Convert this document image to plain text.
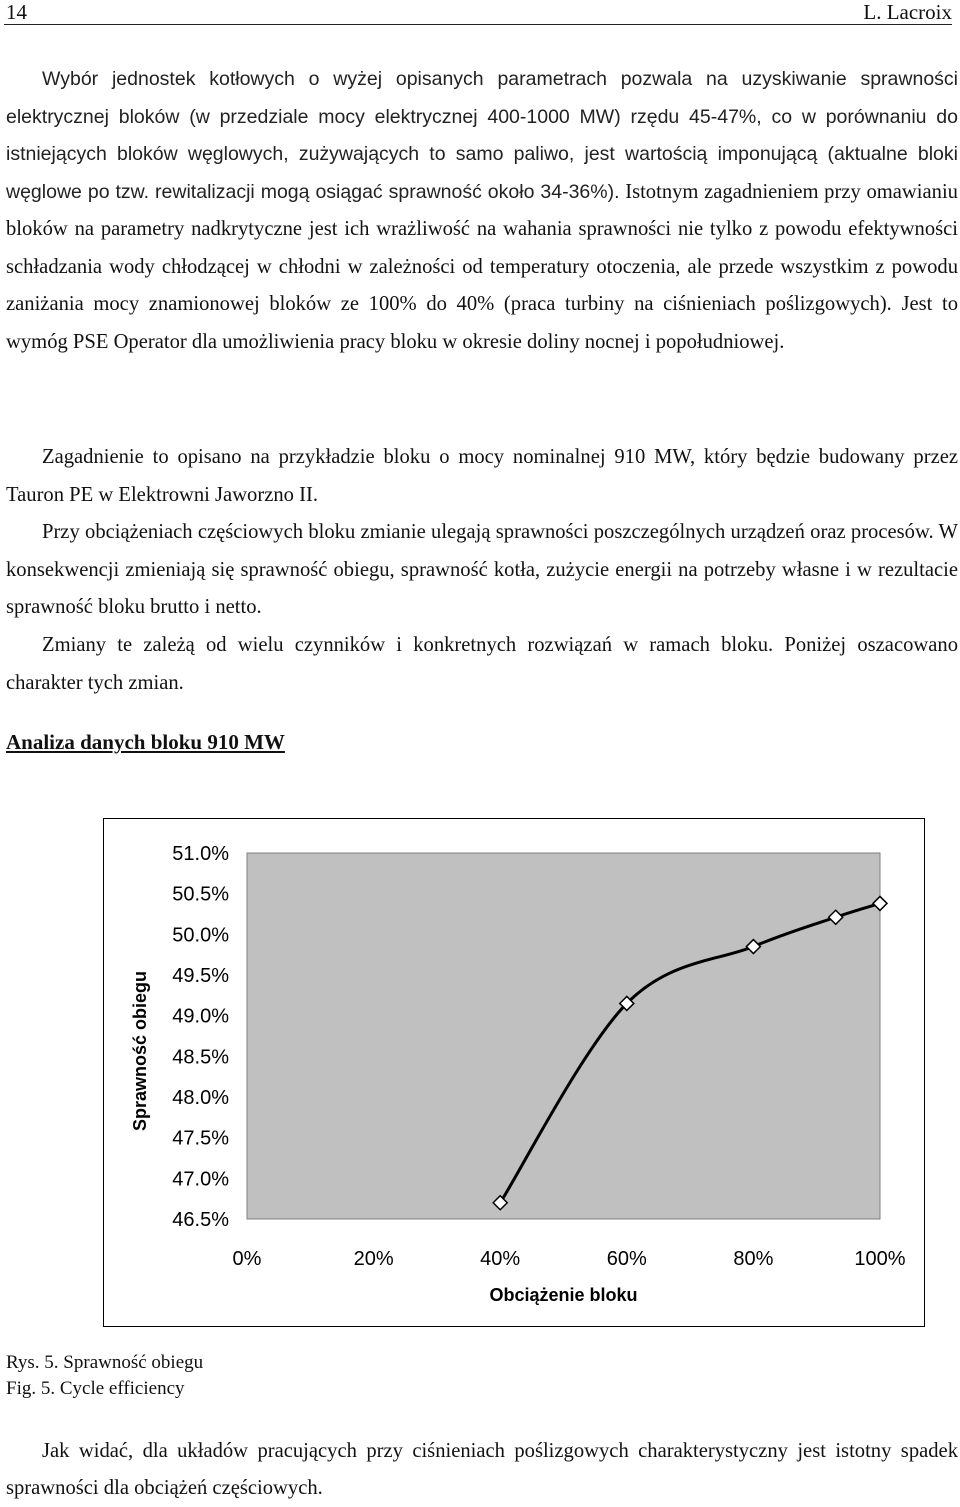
14	L. Lacroix

Wybór jednostek kotłowych o wyżej opisanych parametrach pozwala na uzyskiwanie sprawności elektrycznej bloków (w przedziale mocy elektrycznej 400-1000 MW) rzędu 45-47%, co w porównaniu do istniejących bloków węglowych, zużywających to samo paliwo, jest wartością imponującą (aktualne bloki węglowe po tzw. rewitalizacji mogą osiągać sprawność około 34-36%). Istotnym zagadnieniem przy omawianiu bloków na parametry nadkrytyczne jest ich wrażliwość na wahania sprawności nie tylko z powodu efektywności schładzania wody chłodzącej w chłodni w zależności od temperatury otoczenia, ale przede wszystkim z powodu zaniżania mocy znamionowej bloków ze 100% do 40% (praca turbiny na ciśnieniach poślizgowych). Jest to wymóg PSE Operator dla umożliwienia pracy bloku w okresie doliny nocnej i popołudniowej.

Zagadnienie to opisano na przykładzie bloku o mocy nominalnej 910 MW, który będzie budowany przez Tauron PE w Elektrowni Jaworzno II.

Przy obciążeniach częściowych bloku zmianie ulegają sprawności poszczególnych urządzeń oraz procesów. W konsekwencji zmieniają się sprawność obiegu, sprawność kotła, zużycie energii na potrzeby własne i w rezultacie sprawność bloku brutto i netto.

Zmiany te zależą od wielu czynników i konkretnych rozwiązań w ramach bloku. Poniżej oszacowano charakter tych zmian.

Analiza danych bloku 910 MW

51.0%
50.5%
50.0%
49.5%
49.0%
48.5%
48.0%
47.5%
47.0%
46.5%
0%	20%	40%	60%	80%	100%
Obciążenie bloku
Sprawność obiegu

Rys. 5. Sprawność obiegu

Fig. 5. Cycle efficiency

Jak widać, dla układów pracujących przy ciśnieniach poślizgowych charakterystyczny jest istotny spadek sprawności dla obciążeń częściowych.
